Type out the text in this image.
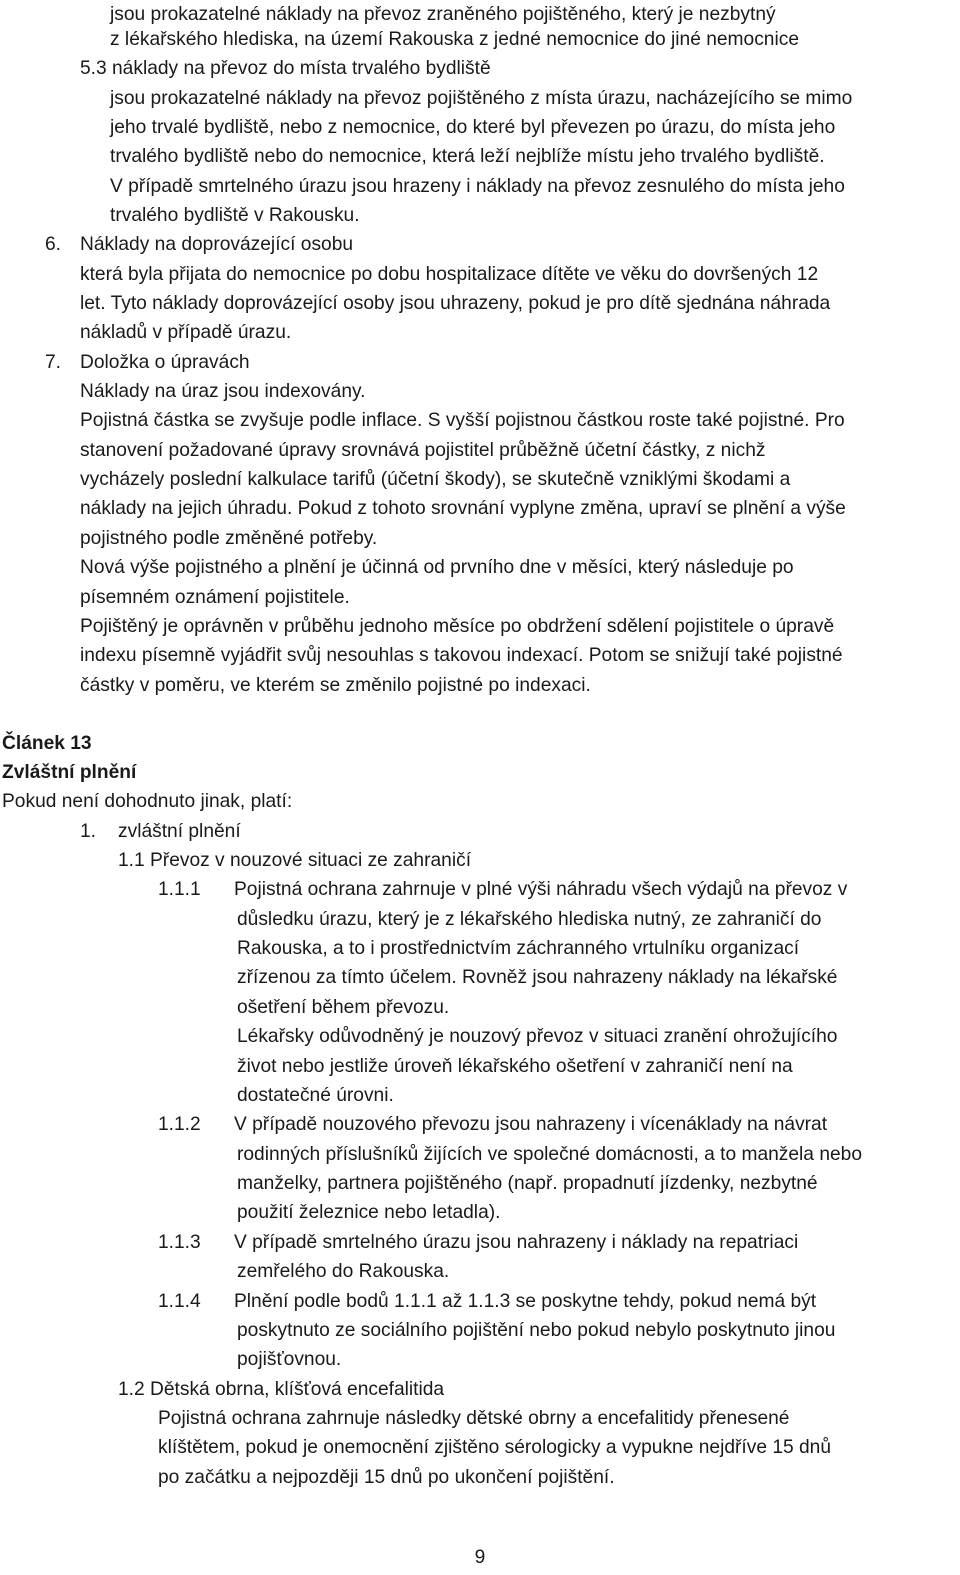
jsou prokazatelné náklady na převoz zraněného pojištěného, který je nezbytný
z lékařského hlediska, na území Rakouska z jedné nemocnice do jiné nemocnice
5.3 náklady na převoz do místa trvalého bydliště
jsou prokazatelné náklady na převoz pojištěného z místa úrazu, nacházejícího se mimo
jeho trvalé bydliště, nebo z nemocnice, do které byl převezen po úrazu, do místa jeho
trvalého bydliště nebo do nemocnice, která leží nejblíže místu jeho trvalého bydliště.
V případě smrtelného úrazu jsou hrazeny i náklady na převoz zesnulého do místa jeho
trvalého bydliště v Rakousku.
6. Náklady na doprovázející osobu
která byla přijata do nemocnice po dobu hospitalizace dítěte ve věku do dovršených 12
let. Tyto náklady doprovázející osoby jsou uhrazeny, pokud je pro dítě sjednána náhrada
nákladů v případě úrazu.
7. Doložka o úpravách
Náklady na úraz jsou indexovány.
Pojistná částka se zvyšuje podle inflace. S vyšší pojistnou částkou roste také pojistné. Pro
stanovení požadované úpravy srovnává pojistitel průběžně účetní částky, z nichž
vycházely poslední kalkulace tarifů (účetní škody), se skutečně vzniklými škodami a
náklady na jejich úhradu. Pokud z tohoto srovnání vyplyne změna, upraví se plnění a výše
pojistného podle změněné potřeby.
Nová výše pojistného a plnění je účinná od prvního dne v měsíci, který následuje po
písemném oznámení pojistitele.
Pojištěný je oprávněn v průběhu jednoho měsíce po obdržení sdělení pojistitele o úpravě
indexu písemně vyjádřit svůj nesouhlas s takovou indexací. Potom se snižují také pojistné
částky v poměru, ve kterém se změnilo pojistné po indexaci.
Článek 13
Zvláštní plnění
Pokud není dohodnuto jinak, platí:
1. zvláštní plnění
1.1 Převoz v nouzové situaci ze zahraničí
1.1.1 Pojistná ochrana zahrnuje v plné výši náhradu všech výdajů na převoz v
důsledku úrazu, který je z lékařského hlediska nutný, ze zahraničí do
Rakouska, a to i prostřednictvím záchranného vrtulníku organizací
zřízenou za tímto účelem. Rovněž jsou nahrazeny náklady na lékařské
ošetření během převozu.
Lékařsky odůvodněný je nouzový převoz v situaci zranění ohrožujícího
život nebo jestliže úroveň lékařského ošetření v zahraničí není na
dostatečné úrovni.
1.1.2 V případě nouzového převozu jsou nahrazeny i vícenáklady na návrat
rodinných příslušníků žijících ve společné domácnosti, a to manžela nebo
manželky, partnera pojištěného (např. propadnutí jízdenky, nezbytné
použití železnice nebo letadla).
1.1.3 V případě smrtelného úrazu jsou nahrazeny i náklady na repatriaci
zemřelého do Rakouska.
1.1.4 Plnění podle bodů 1.1.1 až 1.1.3 se poskytne tehdy, pokud nemá být
poskytnuto ze sociálního pojištění nebo pokud nebylo poskytnuto jinou
pojišťovnou.
1.2 Dětská obrna, klíšťová encefalitida
Pojistná ochrana zahrnuje následky dětské obrny a encefalitidy přenesené
klíštětem, pokud je onemocnění zjištěno sérologicky a vypukne nejdříve 15 dnů
po začátku a nejpozději 15 dnů po ukončení pojištění.
9
